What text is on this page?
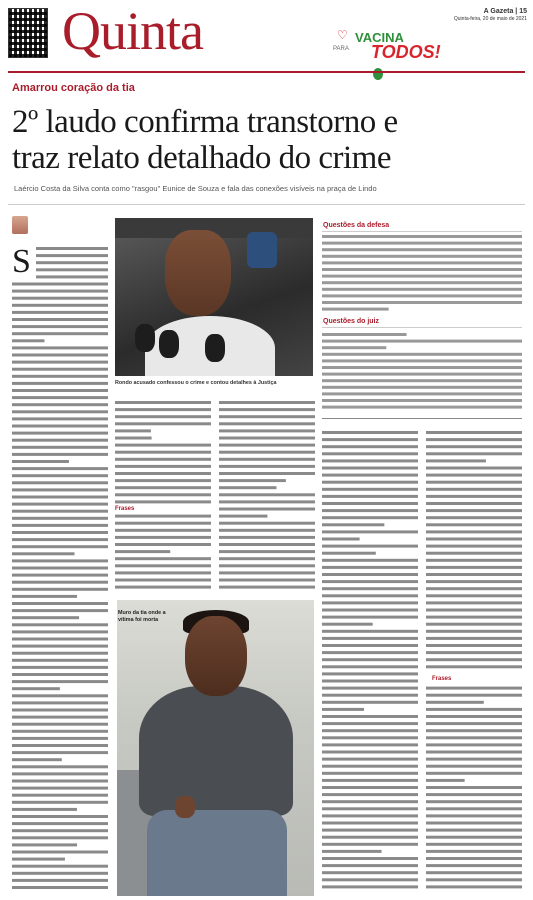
Quinta	A Gazeta | 15
Quinta-feira, 20 de maio de 2021
♡ VACINA
PARA TODOS!
Amarrou coração da tia
2º laudo confirma transtorno e
traz relato detalhado do crime
Laércio Costa da Silva conta como "rasgou" Eunice de Souza e fala das conexões visíveis na praça de Lindo
S
Rondo acusado confessou o crime e contou detalhes à Justiça
Questões da defesa
Questões do juiz
Frases
Muro da tia onde a vítima foi morta
Frases
